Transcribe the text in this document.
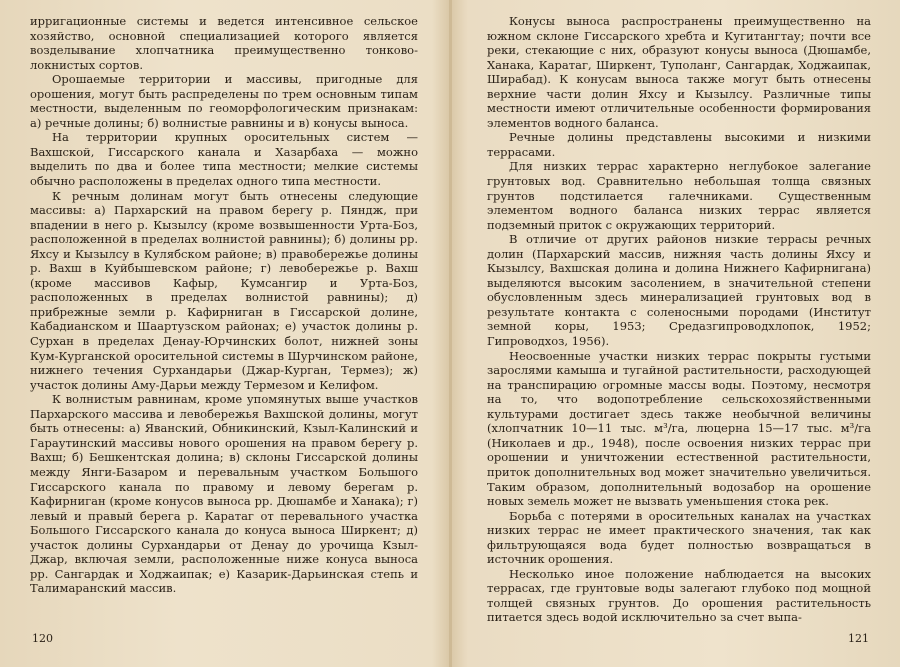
ирригационные системы и ведется интенсивное сельское хозяйство, основной специализацией которого является возделывание хлопчатника преимущественно тонково-локнистых сортов.

Орошаемые территории и массивы, пригодные для орошения, могут быть распределены по трем основным типам местности, выделенным по геоморфологическим признакам: а) речные долины; б) волнистые равнины и в) конусы выноса.

На территории крупных оросительных систем — Вахшской, Гиссарского канала и Хазарбаха — можно выделить по два и более типа местности; мелкие системы обычно расположены в пределах одного типа местности.

К речным долинам могут быть отнесены следующие массивы: а) Пархарский на правом берегу р. Пяндж, при впадении в него р. Кызылсу (кроме возвышенности Урта-Боз, расположенной в пределах волнистой равнины); б) долины рр. Яхсу и Кызылсу в Кулябском районе; в) правобережье долины р. Вахш в Куйбышевском районе; г) левобережье р. Вахш (кроме массивов Кафыр, Кумсангир и Урта-Боз, расположенных в пределах волнистой равнины); д) прибрежные земли р. Кафирниган в Гиссарской долине, Кабадианском и Шаартузском районах; е) участок долины р. Сурхан в пределах Денау-Юрчинских болот, нижней зоны Кум-Курганской оросительной системы в Шурчинском районе, нижнего течения Сурхандарьи (Джар-Курган, Термез); ж) участок долины Аму-Дарьи между Термезом и Келифом.

К волнистым равнинам, кроме упомянутых выше участков Пархарского массива и левобережья Вахшской долины, могут быть отнесены: а) Яванский, Обникинский, Кзыл-Калинский и Гараутинский массивы нового орошения на правом берегу р. Вахш; б) Бешкентская долина; в) склоны Гиссарской долины между Янги-Базаром и перевальным участком Большого Гиссарского канала по правому и левому берегам р. Кафирниган (кроме конусов выноса рр. Дюшамбе и Ханака); г) левый и правый берега р. Каратаг от перевального участка Большого Гиссарского канала до конуса выноса Ширкент; д) участок долины Сурхандарьи от Денау до урочища Кзыл-Джар, включая земли, расположенные ниже конуса выноса рр. Сангардак и Ходжаипак; е) Казарик-Дарьинская степь и Талимаранский массив.

Конусы выноса распространены преимущественно на южном склоне Гиссарского хребта и Кугитангтау; почти все реки, стекающие с них, образуют конусы выноса (Дюшамбе, Ханака, Каратаг, Ширкент, Туполанг, Сангардак, Ходжаипак, Ширабад). К конусам выноса также могут быть отнесены верхние части долин Яхсу и Кызылсу. Различные типы местности имеют отличительные особенности формирования элементов водного баланса.

Речные долины представлены высокими и низкими террасами.

Для низких террас характерно неглубокое залегание грунтовых вод. Сравнительно небольшая толща связных грунтов подстилается галечниками. Существенным элементом водного баланса низких террас является подземный приток с окружающих территорий.

В отличие от других районов низкие террасы речных долин (Пархарский массив, нижняя часть долины Яхсу и Кызылсу, Вахшская долина и долина Нижнего Кафирнигана) выделяются высоким засолением, в значительной степени обусловленным здесь минерализацией грунтовых вод в результате контакта с соленосными породами (Институт земной коры, 1953; Средазгипроводхлопок, 1952; Гипроводхоз, 1956).

Неосвоенные участки низких террас покрыты густыми зарослями камыша и тугайной растительности, расходующей на транспирацию огромные массы воды. Поэтому, несмотря на то, что водопотребление сельскохозяйственными культурами достигает здесь также необычной величины (хлопчатник 10—11 тыс. м³/га, люцерна 15—17 тыс. м³/га (Николаев и др., 1948), после освоения низких террас при орошении и уничтожении естественной растительности, приток дополнительных вод может значительно увеличиться. Таким образом, дополнительный водозабор на орошение новых земель может не вызвать уменьшения стока рек.

Борьба с потерями в оросительных каналах на участках низких террас не имеет практического значения, так как фильтрующаяся вода будет полностью возвращаться в источник орошения.

Несколько иное положение наблюдается на высоких террасах, где грунтовые воды залегают глубоко под мощной толщей связных грунтов. До орошения растительность питается здесь водой исключительно за счет выпа-

120	121
